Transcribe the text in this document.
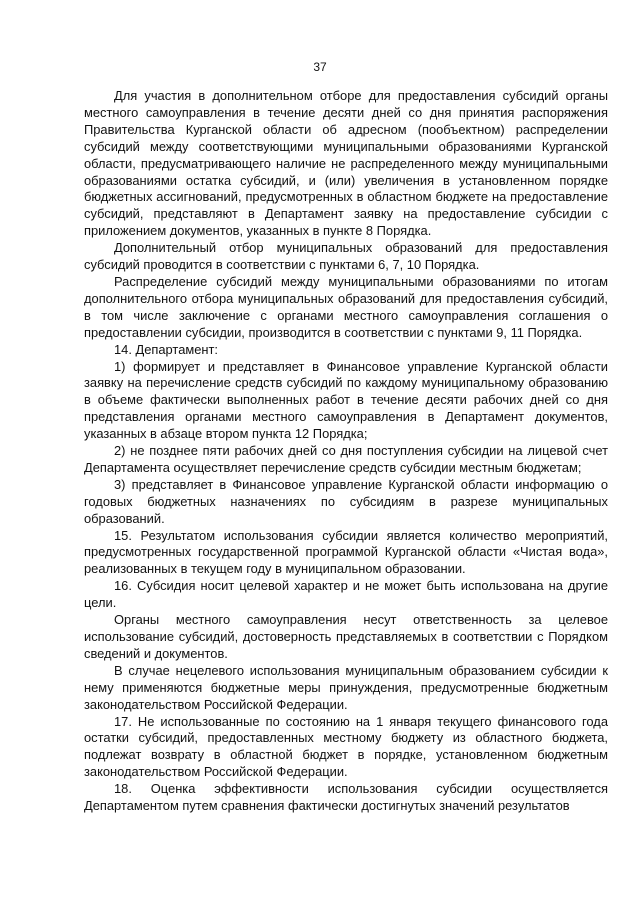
37

Для участия в дополнительном отборе для предоставления субсидий органы местного самоуправления в течение десяти дней со дня принятия распоряжения Правительства Курганской области об адресном (пообъектном) распределении субсидий между соответствующими муниципальными образованиями Курганской области, предусматривающего наличие не распределенного между муниципальными образованиями остатка субсидий, и (или) увеличения в установленном порядке бюджетных ассигнований, предусмотренных в областном бюджете на предоставление субсидий, представляют в Департамент заявку на предоставление субсидии с приложением документов, указанных в пункте 8 Порядка.

Дополнительный отбор муниципальных образований для предоставления субсидий проводится в соответствии с пунктами 6, 7, 10 Порядка.

Распределение субсидий между муниципальными образованиями по итогам дополнительного отбора муниципальных образований для предоставления субсидий, в том числе заключение с органами местного самоуправления соглашения о предоставлении субсидии, производится в соответствии с пунктами 9, 11 Порядка.

14. Департамент:

1) формирует и представляет в Финансовое управление Курганской области заявку на перечисление средств субсидий по каждому муниципальному образованию в объеме фактически выполненных работ в течение десяти рабочих дней со дня представления органами местного самоуправления в Департамент документов, указанных в абзаце втором пункта 12 Порядка;

2) не позднее пяти рабочих дней со дня поступления субсидии на лицевой счет Департамента осуществляет перечисление средств субсидии местным бюджетам;

3) представляет в Финансовое управление Курганской области информацию о годовых бюджетных назначениях по субсидиям в разрезе муниципальных образований.

15. Результатом использования субсидии является количество мероприятий, предусмотренных государственной программой Курганской области «Чистая вода», реализованных в текущем году в муниципальном образовании.

16. Субсидия носит целевой характер и не может быть использована на другие цели.

Органы местного самоуправления несут ответственность за целевое использование субсидий, достоверность представляемых в соответствии с Порядком сведений и документов.

В случае нецелевого использования муниципальным образованием субсидии к нему применяются бюджетные меры принуждения, предусмотренные бюджетным законодательством Российской Федерации.

17. Не использованные по состоянию на 1 января текущего финансового года остатки субсидий, предоставленных местному бюджету из областного бюджета, подлежат возврату в областной бюджет в порядке, установленном бюджетным законодательством Российской Федерации.

18. Оценка эффективности использования субсидии осуществляется Департаментом путем сравнения фактически достигнутых значений результатов
